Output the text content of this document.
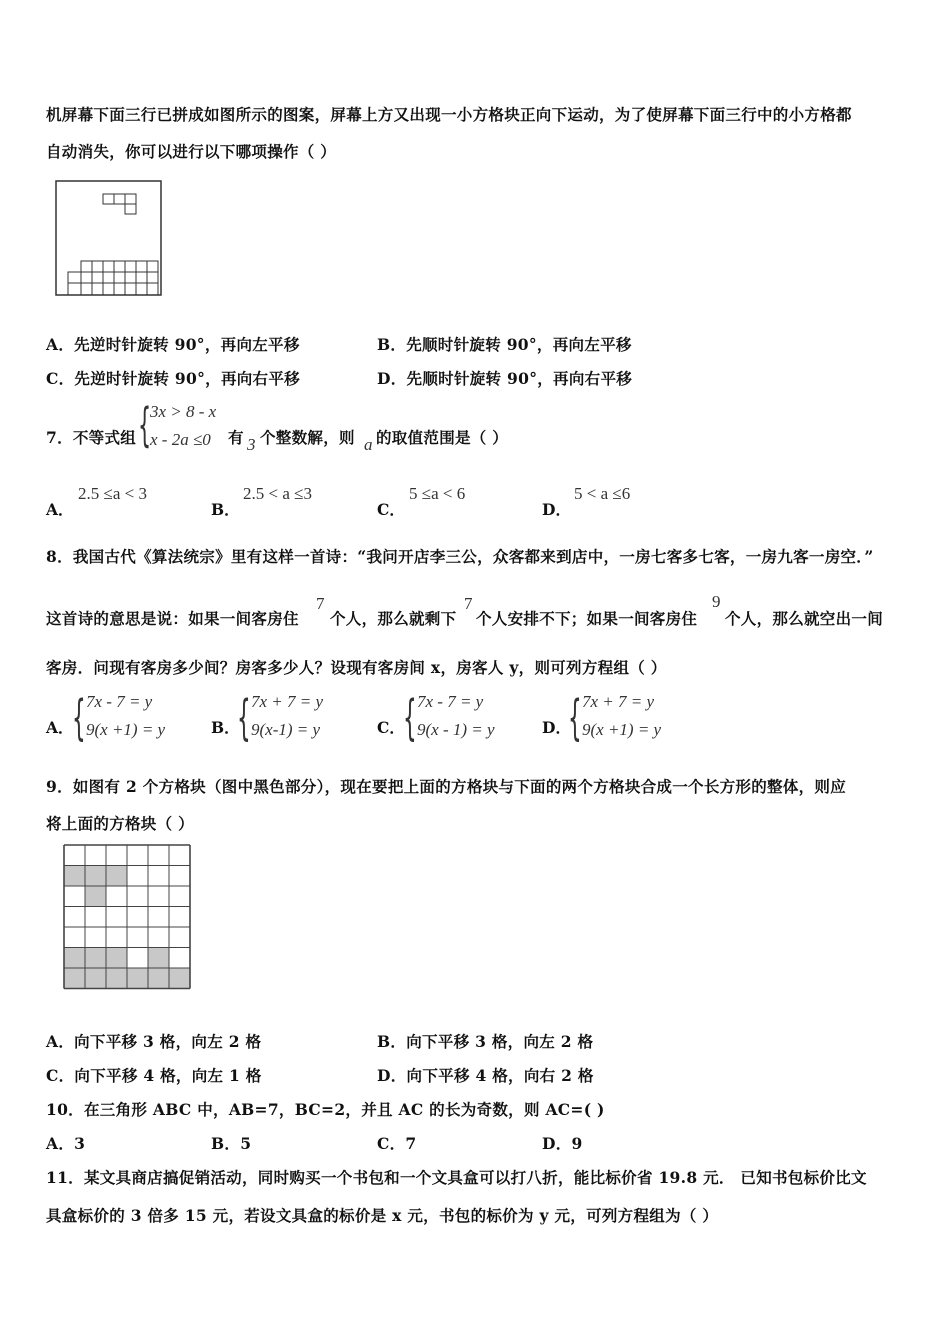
机屏幕下面三行已拼成如图所示的图案，屏幕上方又出现一小方格块正向下运动，为了使屏幕下面三行中的小方格都
自动消失，你可以进行以下哪项操作（ ）
A．先逆时针旋转 90°，再向左平移	B．先顺时针旋转 90°，再向左平移
C．先逆时针旋转 90°，再向右平移	D．先顺时针旋转 90°，再向右平移
7．不等式组 {
3x > 8 - x
x - 2a ≤0 有 3 个整数解，则 a 的取值范围是（ ）
A．
2.5 ≤a < 3
B．
2.5 < a ≤3
C．
5 ≤a < 6
D．
5 < a ≤6
8．我国古代《算法统宗》里有这样一首诗：“我问开店李三公，众客都来到店中，一房七客多七客，一房九客一房空．”
这首诗的意思是说：如果一间客房住
7
个人，那么就剩下
7
个人安排不下；如果一间客房住
9
个人，那么就空出一间
客房．问现有客房多少间？房客多少人？设现有客房间 x，房客人 y，则可列方程组（ ）
A．
{ 7x - 7 = y
9(x +1) = y	B．
{ 7x + 7 = y
9(x-1) = y	C．
{ 7x - 7 = y
9(x - 1) = y	D．
{ 7x + 7 = y
9(x +1) = y
9．如图有 2 个方格块（图中黑色部分），现在要把上面的方格块与下面的两个方格块合成一个长方形的整体，则应
将上面的方格块（ ）
A．向下平移 3 格，向左 2 格	B．向下平移 3 格，向左 2 格
C．向下平移 4 格，向左 1 格	D．向下平移 4 格，向右 2 格
10．在三角形 ABC 中，AB=7，BC=2，并且 AC 的长为奇数，则 AC=( )
A．3	B．5	C．7	D．9
11．某文具商店搞促销活动，同时购买一个书包和一个文具盒可以打八折，能比标价省 19.8 元． 已知书包标价比文
具盒标价的 3 倍多 15 元，若设文具盒的标价是 x 元，书包的标价为 y 元，可列方程组为（ ）
